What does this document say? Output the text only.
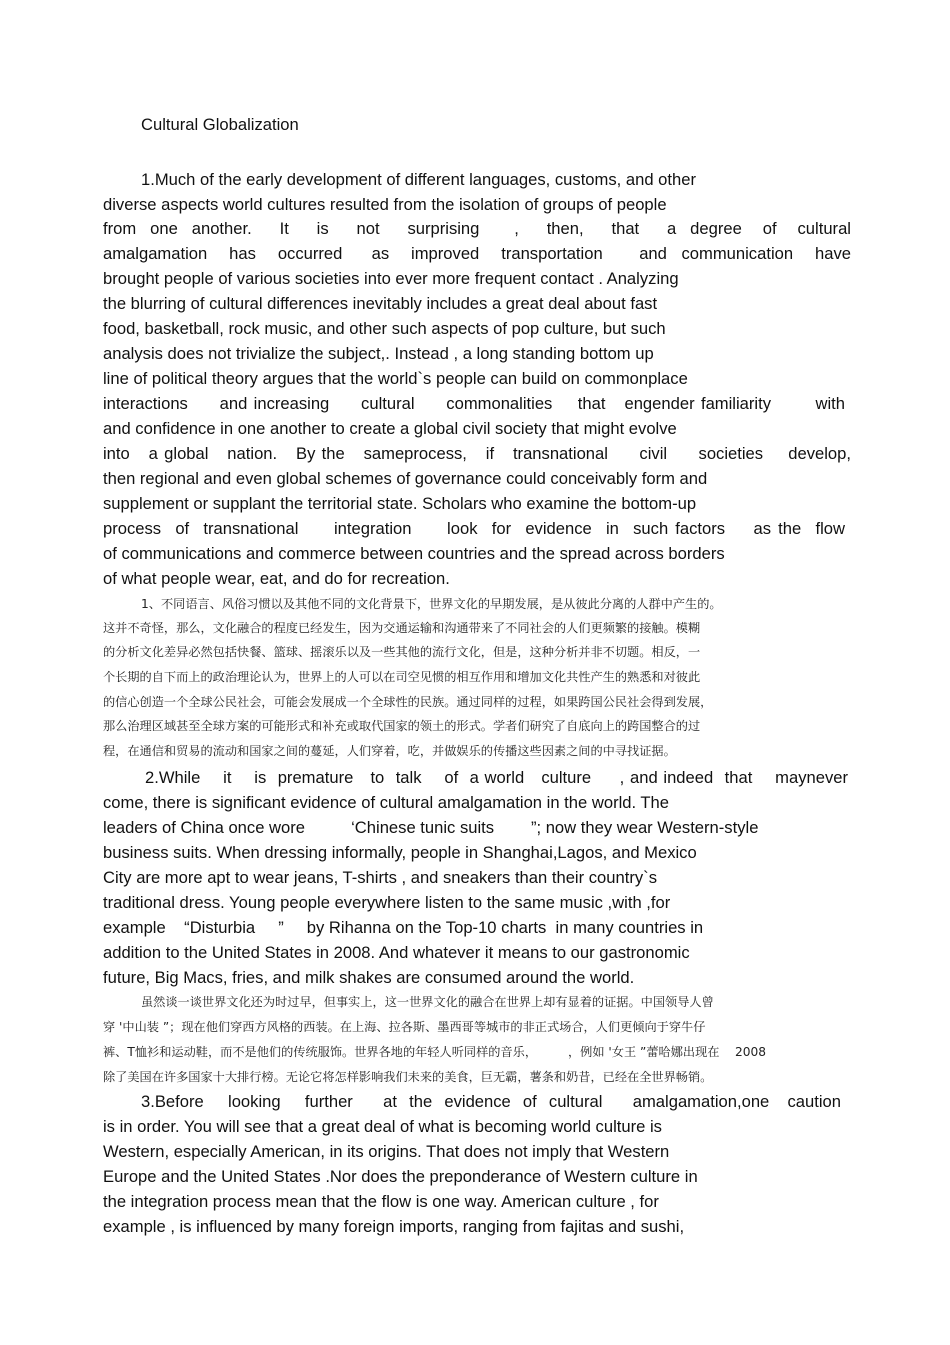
Cultural Globalization
1.Much of the early development of different languages, customs, and other
diverse aspects world cultures resulted from the isolation of groups of people
from  one  another.    It    is    not    surprising     ,    then,    that    a  degree   of   cultural
amalgamation   has   occurred    as   improved   transportation     and  communication   have
brought people of various societies into ever more frequent contact . Analyzing
the blurring of cultural differences inevitably includes a great deal about fast
food, basketball, rock music, and other such aspects of pop culture, but such
analysis does not trivialize the subject,. Instead , a long standing bottom up
line of political theory argues that the world`s people can build on commonplace
interactions     and increasing     cultural     commonalities    that   engender familiarity       with
and confidence in one another to create a global civil society that might evolve
into   a global   nation.   By the   sameprocess,   if   transnational     civil     societies    develop,
then regional and even global schemes of governance could conceivably form and
supplement or supplant the territorial state. Scholars who examine the bottom-up
process  of  transnational     integration     look  for  evidence  in  such factors    as the  flow
of communications and commerce between countries and the spread across borders
of what people wear, eat, and do for recreation.
1、不同语言、风俗习惯以及其他不同的文化背景下，世界文化的早期发展，是从彼此分离的人群中产生的。
这并不奇怪，那么，文化融合的程度已经发生，因为交通运输和沟通带来了不同社会的人们更频繁的接触。模糊
的分析文化差异必然包括快餐、篮球、摇滚乐以及一些其他的流行文化，但是，这种分析并非不切题。相反，一
个长期的自下而上的政治理论认为，世界上的人可以在司空见惯的相互作用和增加文化共性产生的熟悉和对彼此
的信心创造一个全球公民社会，可能会发展成一个全球性的民族。通过同样的过程，如果跨国公民社会得到发展，
那么治理区域甚至全球方案的可能形式和补充或取代国家的领土的形式。学者们研究了自底向上的跨国整合的过
程，在通信和贸易的流动和国家之间的蔓延，人们穿着，吃，并做娱乐的传播这些因素之间的中寻找证据。
2.While    it    is  premature   to  talk    of  a world   culture     , and indeed  that    maynever
come, there is significant evidence of cultural amalgamation in the world. The
leaders of China once wore          ‘Chinese tunic suits        ”; now they wear Western-style
business suits. When dressing informally, people in Shanghai,Lagos, and Mexico
City are more apt to wear jeans, T-shirts , and sneakers than their country`s
traditional dress. Young people everywhere listen to the same music ,with ,for
example    “Disturbia     ”     by Rihanna on the Top-10 charts  in many countries in
addition to the United States in 2008. And whatever it means to our gastronomic
future, Big Macs, fries, and milk shakes are consumed around the world.
虽然谈一谈世界文化还为时过早，但事实上，这一世界文化的融合在世界上却有显着的证据。中国领导人曾
穿 '中山装 ”；现在他们穿西方风格的西装。在上海、拉各斯、墨西哥等城市的非正式场合，人们更倾向于穿牛仔
裤、T恤衫和运动鞋，而不是他们的传统服饰。世界各地的年轻人听同样的音乐，        ，例如 '女王 ”蕾哈娜出现在    2008
除了美国在许多国家十大排行榜。无论它将怎样影响我们未来的美食，巨无霸，薯条和奶昔，已经在全世界畅销。
3.Before    looking    further     at  the  evidence  of  cultural     amalgamation,one   caution
is in order. You will see that a great deal of what is becoming world culture is
Western, especially American, in its origins. That does not imply that Western
Europe and the United States .Nor does the preponderance of Western culture in
the integration process mean that the flow is one way. American culture , for
example , is influenced by many foreign imports, ranging from fajitas and sushi,
